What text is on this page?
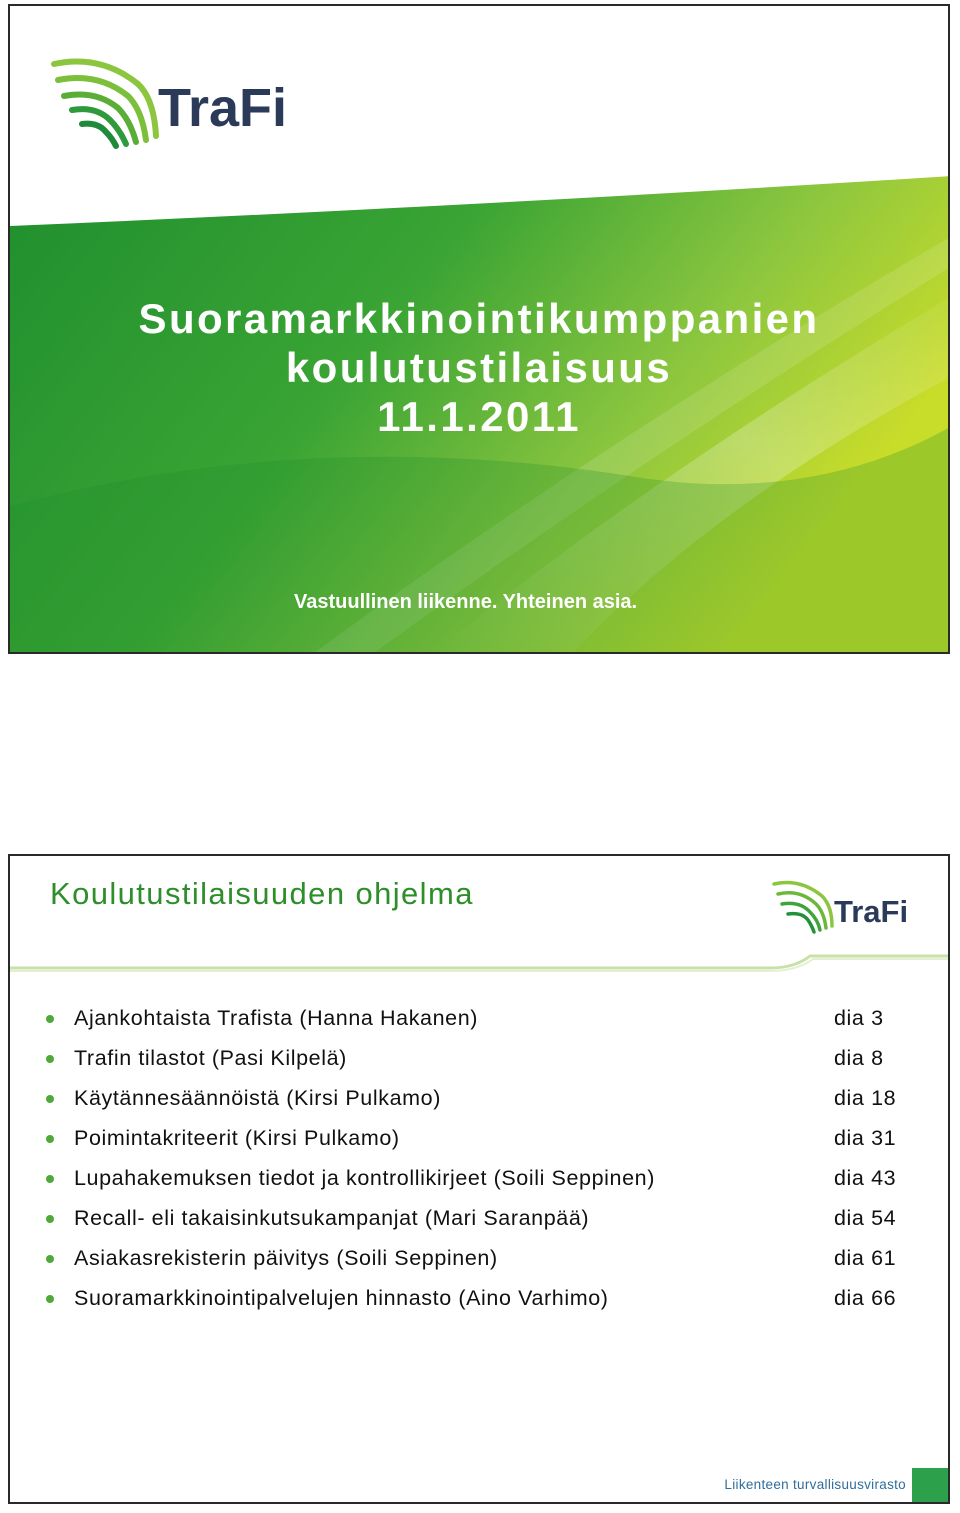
TraFi
Suoramarkkinointikumppanien
koulutustilaisuus
11.1.2011
Vastuullinen liikenne. Yhteinen asia.
Koulutustilaisuuden ohjelma
TraFi
Ajankohtaista Trafista (Hanna Hakanen)	dia 3
Trafin tilastot (Pasi Kilpelä)	dia 8
Käytännesäännöistä (Kirsi Pulkamo)	dia 18
Poimintakriteerit (Kirsi Pulkamo)	dia 31
Lupahakemuksen tiedot ja kontrollikirjeet (Soili Seppinen)	dia 43
Recall- eli takaisinkutsukampanjat (Mari Saranpää)	dia 54
Asiakasrekisterin päivitys (Soili Seppinen)	dia 61
Suoramarkkinointipalvelujen hinnasto (Aino Varhimo)	dia 66
Liikenteen turvallisuusvirasto
